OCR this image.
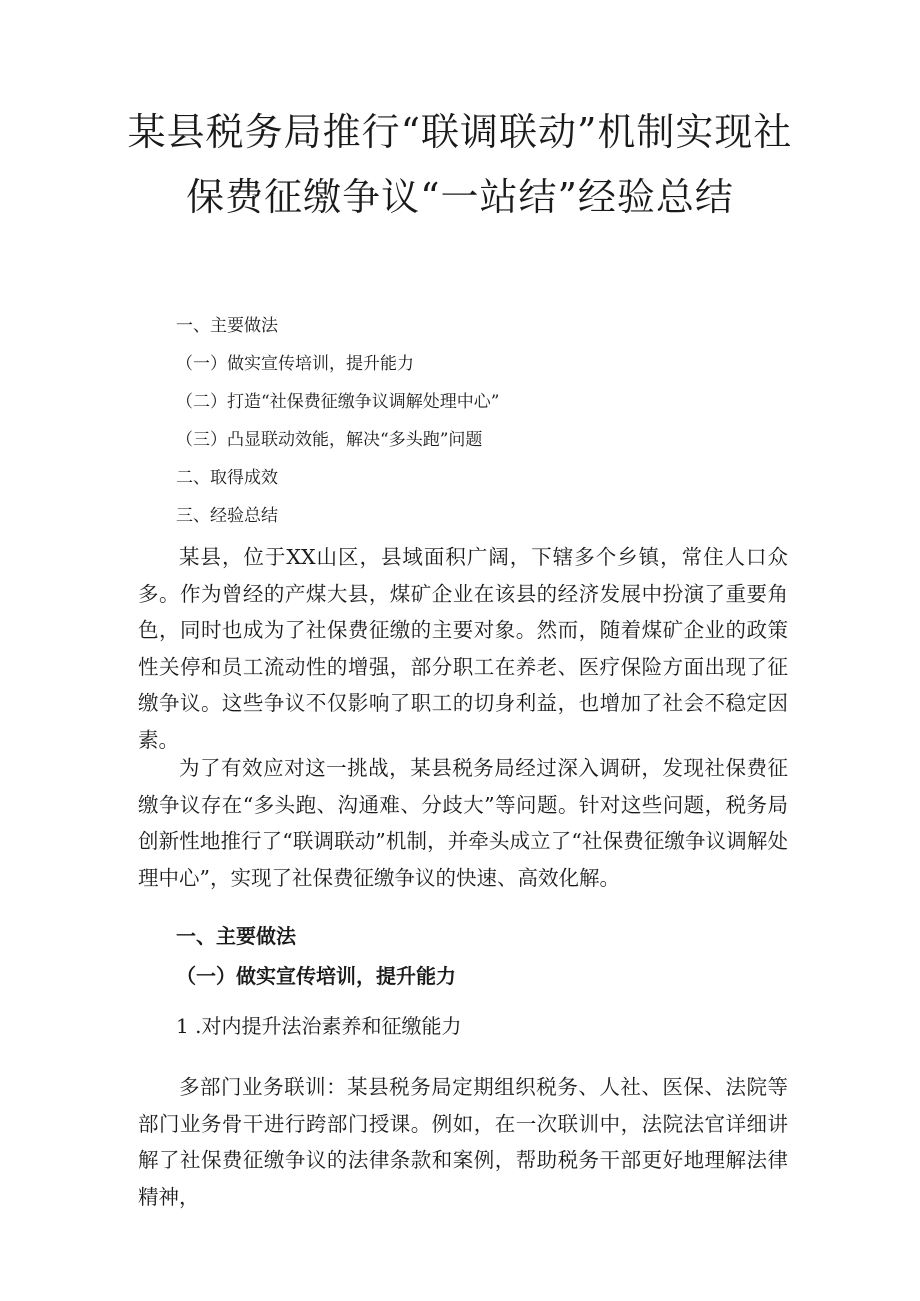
某县税务局推行“联调联动”机制实现社
保费征缴争议“一站结”经验总结
一、主要做法
（一）做实宣传培训，提升能力
（二）打造“社保费征缴争议调解处理中心”
（三）凸显联动效能，解决“多头跑”问题
二、取得成效
三、经验总结

某县，位于XX山区，县域面积广阔，下辖多个乡镇，常住人口众多。作为曾经的产煤大县，煤矿企业在该县的经济发展中扮演了重要角色，同时也成为了社保费征缴的主要对象。然而，随着煤矿企业的政策性关停和员工流动性的增强，部分职工在养老、医疗保险方面出现了征缴争议。这些争议不仅影响了职工的切身利益，也增加了社会不稳定因素。

为了有效应对这一挑战，某县税务局经过深入调研，发现社保费征缴争议存在“多头跑、沟通难、分歧大”等问题。针对这些问题，税务局创新性地推行了“联调联动”机制，并牵头成立了“社保费征缴争议调解处理中心”，实现了社保费征缴争议的快速、高效化解。

一、主要做法
（一）做实宣传培训，提升能力
1 .对内提升法治素养和征缴能力

多部门业务联训：某县税务局定期组织税务、人社、医保、法院等部门业务骨干进行跨部门授课。例如，在一次联训中，法院法官详细讲解了社保费征缴争议的法律条款和案例，帮助税务干部更好地理解法律精神，
